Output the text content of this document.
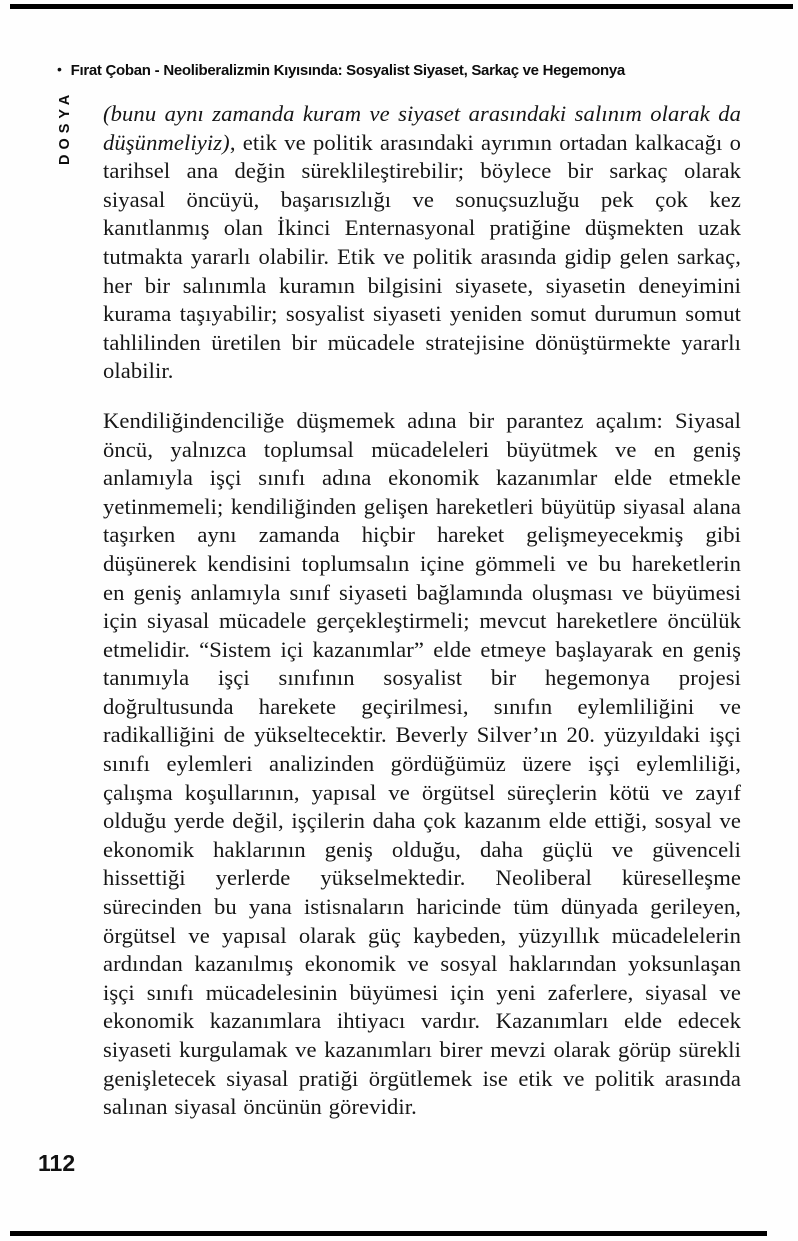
• Fırat Çoban - Neoliberalizmin Kıyısında: Sosyalist Siyaset, Sarkaç ve Hegemonya
DOSYA (bunu aynı zamanda kuram ve siyaset arasındaki salınım olarak da düşünmeliyiz), etik ve politik arasındaki ayrımın ortadan kalkacağı o tarihsel ana değin süreklileştirebilir; böylece bir sarkaç olarak siyasal öncüyü, başarısızlığı ve sonuçsuzluğu pek çok kez kanıtlanmış olan İkinci Enternasyonal pratiğine düşmekten uzak tutmakta yararlı olabilir. Etik ve politik arasında gidip gelen sarkaç, her bir salınımla kuramın bilgisini siyasete, siyasetin deneyimini kurama taşıyabilir; sosyalist siyaseti yeniden somut durumun somut tahlilinden üretilen bir mücadele stratejisine dönüştürmekte yararlı olabilir.

Kendiliğindenciliğe düşmemek adına bir parantez açalım: Siyasal öncü, yalnızca toplumsal mücadeleleri büyütmek ve en geniş anlamıyla işçi sınıfı adına ekonomik kazanımlar elde etmekle yetinmemeli; kendiliğinden gelişen hareketleri büyütüp siyasal alana taşırken aynı zamanda hiçbir hareket gelişmeyecekmiş gibi düşünerek kendisini toplumsalın içine gömmeli ve bu hareketlerin en geniş anlamıyla sınıf siyaseti bağlamında oluşması ve büyümesi için siyasal mücadele gerçekleştirmeli; mevcut hareketlere öncülük etmelidir. “Sistem içi kazanımlar” elde etmeye başlayarak en geniş tanımıyla işçi sınıfının sosyalist bir hegemonya projesi doğrultusunda harekete geçirilmesi, sınıfın eylemliliğini ve radikalliğini de yükseltecektir. Beverly Silver’ın 20. yüzyıldaki işçi sınıfı eylemleri analizinden gördüğümüz üzere işçi eylemliliği, çalışma koşullarının, yapısal ve örgütsel süreçlerin kötü ve zayıf olduğu yerde değil, işçilerin daha çok kazanım elde ettiği, sosyal ve ekonomik haklarının geniş olduğu, daha güçlü ve güvenceli hissettiği yerlerde yükselmektedir. Neoliberal küreselleşme sürecinden bu yana istisnaların haricinde tüm dünyada gerileyen, örgütsel ve yapısal olarak güç kaybeden, yüzyıllık mücadelelerin ardından kazanılmış ekonomik ve sosyal haklarından yoksunlaşan işçi sınıfı mücadelesinin büyümesi için yeni zaferlere, siyasal ve ekonomik kazanımlara ihtiyacı vardır. Kazanımları elde edecek siyaseti kurgulamak ve kazanımları birer mevzi olarak görüp sürekli genişletecek siyasal pratiği örgütlemek ise etik ve politik arasında salınan siyasal öncünün görevidir.

112
